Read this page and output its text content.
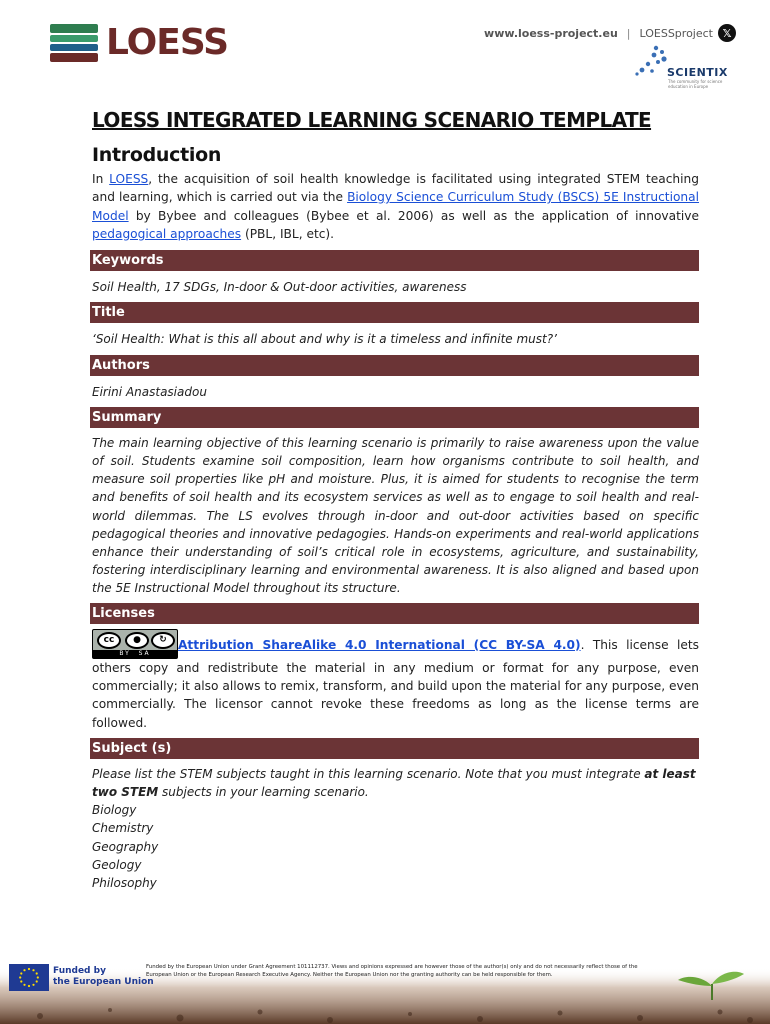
LOESS	www.loess-project.eu | LOESSproject 𝕏
SCIENTIX
The community for science education in Europe
LOESS INTEGRATED LEARNING SCENARIO TEMPLATE
Introduction

In LOESS, the acquisition of soil health knowledge is facilitated using integrated STEM teaching and learning, which is carried out via the Biology Science Curriculum Study (BSCS) 5E Instructional Model by Bybee and colleagues (Bybee et al. 2006) as well as the application of innovative pedagogical approaches (PBL, IBL, etc).

Keywords

Soil Health, 17 SDGs, In-door & Out-door activities, awareness

Title

‘Soil Health: What is this all about and why is it a timeless and infinite must?’

Authors

Eirini Anastasiadou

Summary

The main learning objective of this learning scenario is primarily to raise awareness upon the value of soil. Students examine soil composition, learn how organisms contribute to soil health, and measure soil properties like pH and moisture. Plus, it is aimed for students to recognise the term and benefits of soil health and its ecosystem services as well as to engage to soil health and real-world dilemmas. The LS evolves through in-door and out-door activities based on specific pedagogical theories and innovative pedagogies. Hands-on experiments and real-world applications enhance their understanding of soil’s critical role in ecosystems, agriculture, and sustainability, fostering interdisciplinary learning and environmental awareness. It is also aligned and based upon the 5E Instructional Model throughout its structure.

Licenses

cc	●	↻
BY SA
Attribution ShareAlike 4.0 International (CC BY-SA 4.0). This license lets others copy and redistribute the material in any medium or format for any purpose, even commercially; it also allows to remix, transform, and build upon the material for any purpose, even commercially. The licensor cannot revoke these freedoms as long as the license terms are followed.

Subject (s)

Please list the STEM subjects taught in this learning scenario. Note that you must integrate at least two STEM subjects in your learning scenario.

Biology
Chemistry
Geography
Geology
Philosophy
Funded by
the European Union
Funded by the European Union under Grant Agreement 101112737. Views and opinions expressed are however those of the author(s) only and do not necessarily reflect those of the European Union or the European Research Executive Agency. Neither the European Union nor the granting authority can be held responsible for them.
